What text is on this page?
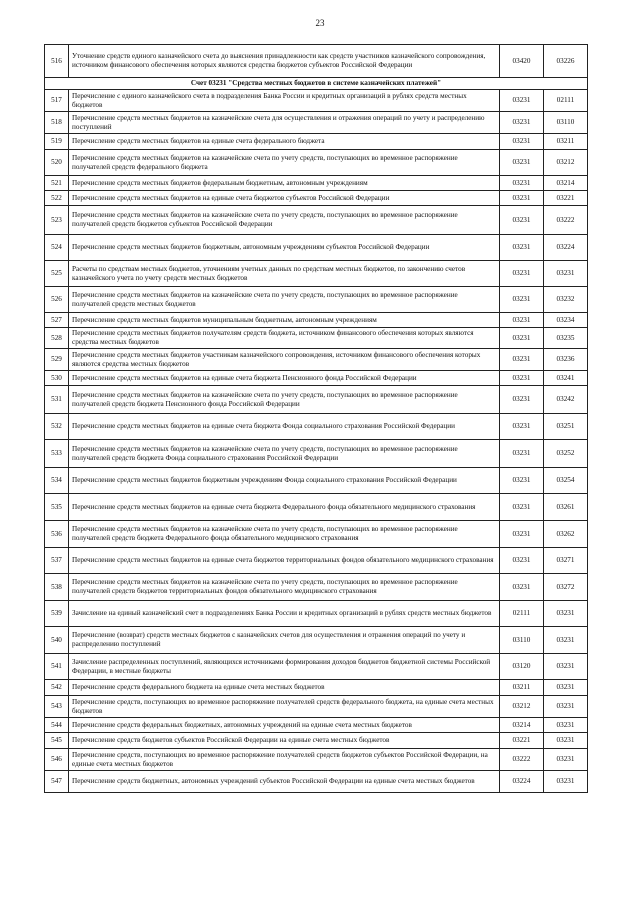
23
516	Уточнение средств единого казначейского счета до выяснения принадлежности как средств участников казначейского сопровождения, источником финансового обеспечения которых являются средства бюджетов субъектов Российской Федерации	03420	03226
Счет 03231 "Средства местных бюджетов в системе казначейских платежей"			
517	Перечисление с единого казначейского счета в подразделения Банка России и кредитных организаций в рублях средств местных бюджетов	03231	02111
518	Перечисление средств местных бюджетов на казначейские счета для осуществления и отражения операций по учету и распределению поступлений	03231	03110
519	Перечисление средств местных бюджетов на единые счета федерального бюджета	03231	03211
520	Перечисление средств местных бюджетов на казначейские счета по учету средств, поступающих во временное распоряжение получателей средств федерального бюджета	03231	03212
521	Перечисление средств местных бюджетов федеральным бюджетным, автономным учреждениям	03231	03214
522	Перечисление средств местных бюджетов на единые счета бюджетов субъектов Российской Федерации	03231	03221
523	Перечисление средств местных бюджетов на казначейские счета по учету средств, поступающих во временное распоряжение получателей средств бюджетов субъектов Российской Федерации	03231	03222
524	Перечисление средств местных бюджетов бюджетным, автономным учреждениям субъектов Российской Федерации	03231	03224
525	Расчеты по средствам местных бюджетов, уточнениям учетных данных по средствам местных бюджетов, по закончению счетов казначейского учета по учету средств местных бюджетов	03231	03231
526	Перечисление средств местных бюджетов на казначейские счета по учету средств, поступающих во временное распоряжение получателей средств местных бюджетов	03231	03232
527	Перечисление средств местных бюджетов муниципальным бюджетным, автономным учреждениям	03231	03234
528	Перечисление средств местных бюджетов получателям средств бюджета, источником финансового обеспечения которых являются средства местных бюджетов	03231	03235
529	Перечисление средств местных бюджетов участникам казначейского сопровождения, источником финансового обеспечения которых являются средства местных бюджетов	03231	03236
530	Перечисление средств местных бюджетов на единые счета бюджета Пенсионного фонда Российской Федерации	03231	03241
531	Перечисление средств местных бюджетов на казначейские счета по учету средств, поступающих во временное распоряжение получателей средств бюджета Пенсионного фонда Российской Федерации	03231	03242
532	Перечисление средств местных бюджетов на единые счета бюджета Фонда социального страхования Российской Федерации	03231	03251
533	Перечисление средств местных бюджетов на казначейские счета по учету средств, поступающих во временное распоряжение получателей средств бюджета Фонда социального страхования Российской Федерации	03231	03252
534	Перечисление средств местных бюджетов бюджетным учреждениям Фонда социального страхования Российской Федерации	03231	03254
535	Перечисление средств местных бюджетов на единые счета бюджета Федерального фонда обязательного медицинского страхования	03231	03261
536	Перечисление средств местных бюджетов на казначейские счета по учету средств, поступающих во временное распоряжение получателей средств бюджета Федерального фонда обязательного медицинского страхования	03231	03262
537	Перечисление средств местных бюджетов на единые счета бюджетов территориальных фондов обязательного медицинского страхования	03231	03271
538	Перечисление средств местных бюджетов на казначейские счета по учету средств, поступающих во временное распоряжение получателей средств бюджетов территориальных фондов обязательного медицинского страхования	03231	03272
539	Зачисление на единый казначейский счет в подразделениях Банка России и кредитных организаций в рублях средств местных бюджетов	02111	03231
540	Перечисление (возврат) средств местных бюджетов с казначейских счетов для осуществления и отражения операций по учету и распределению поступлений	03110	03231
541	Зачисление распределенных поступлений, являющихся источниками формирования доходов бюджетов бюджетной системы Российской Федерации, в местные бюджеты	03120	03231
542	Перечисление средств федерального бюджета на единые счета местных бюджетов	03211	03231
543	Перечисление средств, поступающих во временное распоряжение получателей средств федерального бюджета, на единые счета местных бюджетов	03212	03231
544	Перечисление средств федеральных бюджетных, автономных учреждений на единые счета местных бюджетов	03214	03231
545	Перечисление средств бюджетов субъектов Российской Федерации на единые счета местных бюджетов	03221	03231
546	Перечисление средств, поступающих во временное распоряжение получателей средств бюджетов субъектов Российской Федерации, на единые счета местных бюджетов	03222	03231
547	Перечисление средств бюджетных, автономных учреждений субъектов Российской Федерации на единые счета местных бюджетов	03224	03231
